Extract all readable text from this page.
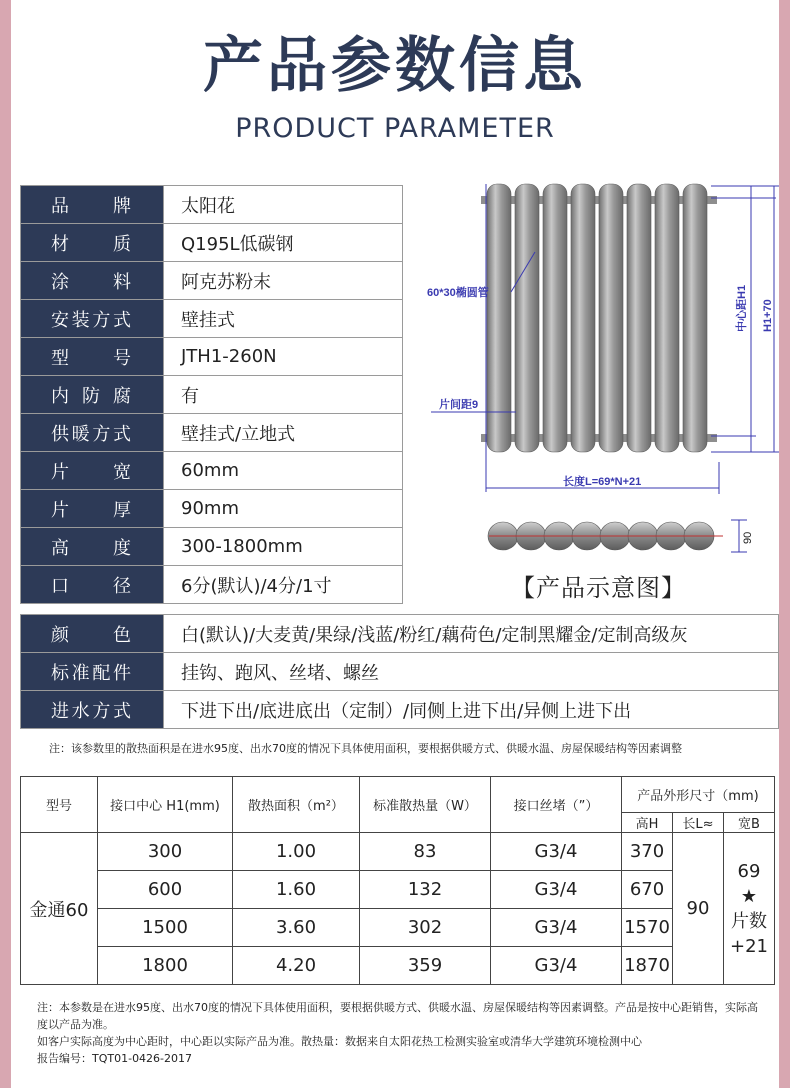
产品参数信息
PRODUCT PARAMETER
品 牌	太阳花

材 质	Q195L低碳钢

涂 料	阿克苏粉末

安 装 方 式	壁挂式

型 号	JTH1-260N

内 防 腐	有

供 暖 方 式	壁挂式/立地式

片 宽	60mm

片 厚	90mm

高 度	300-1800mm

口 径	6分(默认)/4分/1寸
颜 色	白(默认)/大麦黄/果绿/浅蓝/粉红/藕荷色/定制黑耀金/定制高级灰

标 准 配 件	挂钩、跑风、丝堵、螺丝

进 水 方 式	下进下出/底进底出（定制）/同侧上进下出/异侧上进下出
注：该参数里的散热面积是在进水95度、出水70度的情况下具体使用面积，要根据供暖方式、供暖水温、房屋保暖结构等因素调整
60*30椭圆管
片间距9
中心距H1 H1+70
长度L=69*N+21
90
【产品示意图】
型号	接口中心 H1(mm)	散热面积（m²）	标准散热量（W）	接口丝堵（”）	产品外形尺寸（mm)		
					高H	长L≈	宽B
金通60	300	1.00	83	G3/4	370	90	69
★
片数
+21

	600	1.60	132	G3/4	670		
	1500	3.60	302	G3/4	1570		
	1800	4.20	359	G3/4	1870		

注：本参数是在进水95度、出水70度的情况下具体使用面积，要根据供暖方式、供暖水温、房屋保暖结构等因素调整。产品是按中心距销售，实际高度以产品为准。

如客户实际高度为中心距时，中心距以实际产品为准。散热量：数据来自太阳花热工检测实验室或清华大学建筑环境检测中心

报告编号：TQT01-0426-2017
